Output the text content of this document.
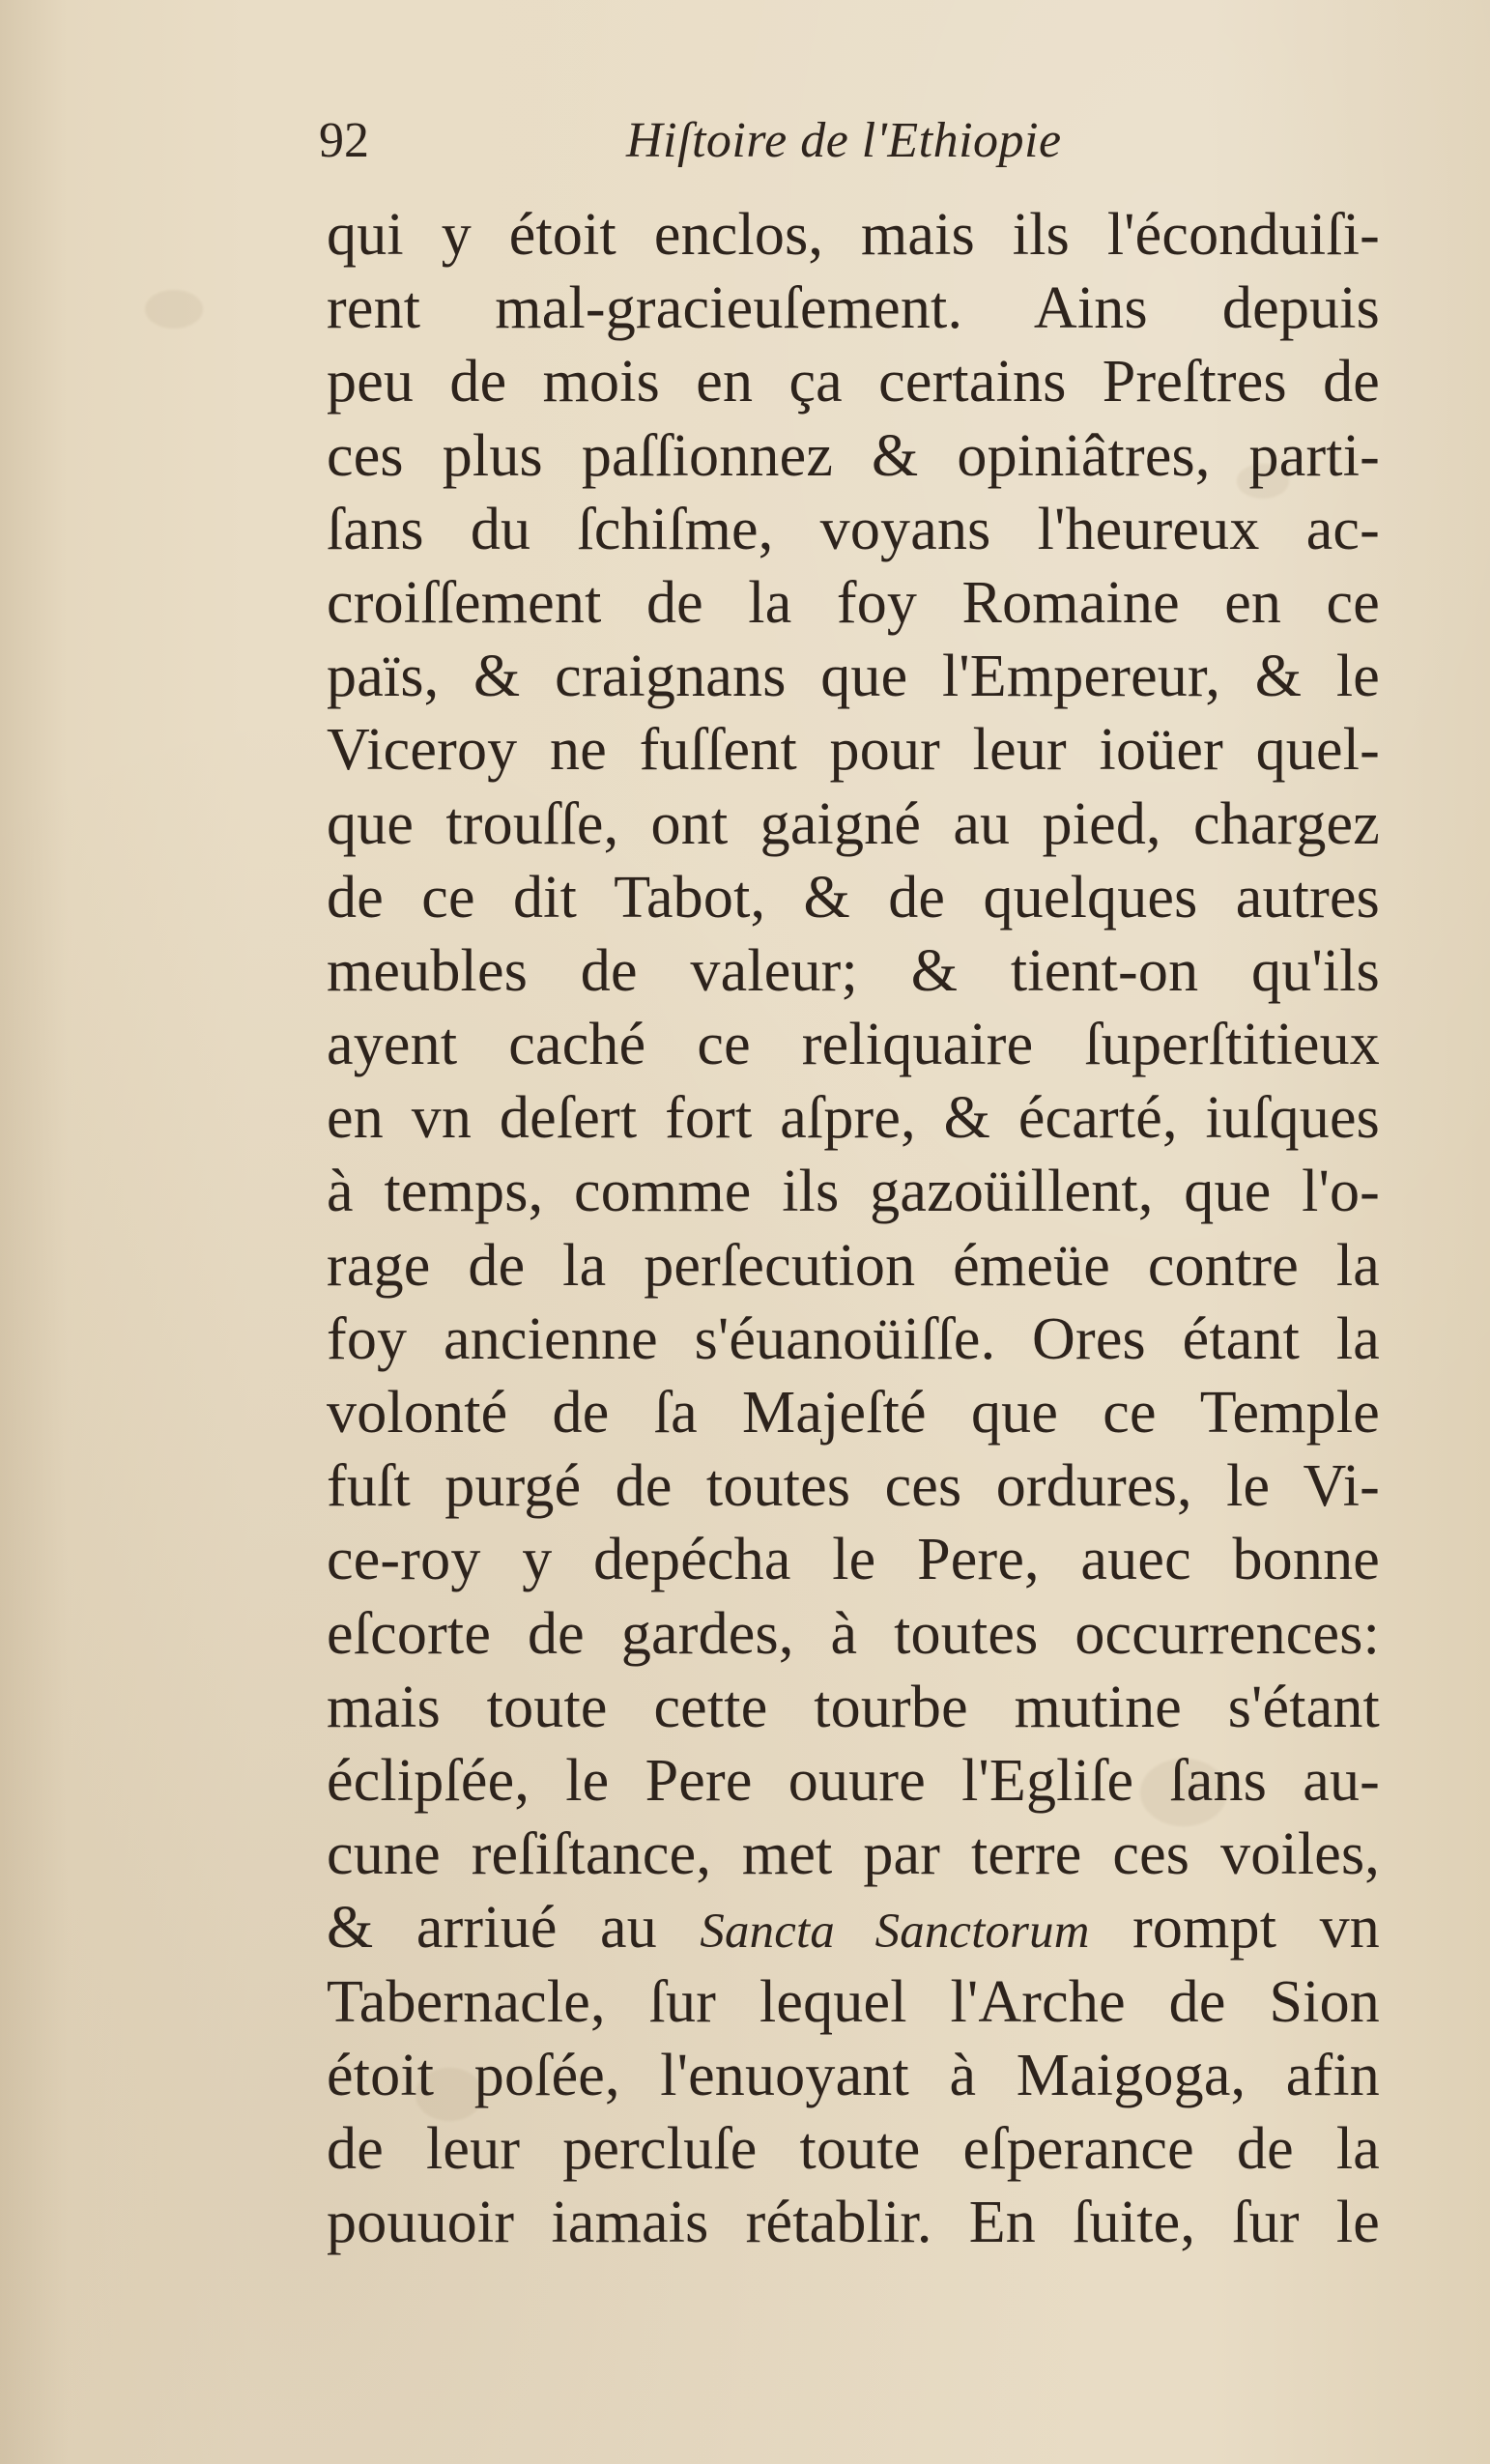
92	Hiſtoire de l'Ethiopie
qui y étoit enclos, mais ils l'éconduiſi-
rent mal-gracieuſement. Ains depuis
peu de mois en ça certains Preſtres de
ces plus paſſionnez & opiniâtres, parti-
ſans du ſchiſme, voyans l'heureux ac-
croiſſement de la foy Romaine en ce
païs, & craignans que l'Empereur, & le
Viceroy ne fuſſent pour leur ioüer quel-
que trouſſe, ont gaigné au pied, chargez
de ce dit Tabot, & de quelques autres
meubles de valeur; & tient-on qu'ils
ayent caché ce reliquaire ſuperſtitieux
en vn deſert fort aſpre, & écarté, iuſques
à temps, comme ils gazoüillent, que l'o-
rage de la perſecution émeüe contre la
foy ancienne s'éuanoüiſſe. Ores étant la
volonté de ſa Majeſté que ce Temple
fuſt purgé de toutes ces ordures, le Vi-
ce-roy y depécha le Pere, auec bonne
eſcorte de gardes, à toutes occurrences:
mais toute cette tourbe mutine s'étant
éclipſée, le Pere ouure l'Egliſe ſans au-
cune reſiſtance, met par terre ces voiles,
& arriué au Sancta Sanctorum rompt vn
Tabernacle, ſur lequel l'Arche de Sion
étoit poſée, l'enuoyant à Maigoga, afin
de leur percluſe toute eſperance de la
pouuoir iamais rétablir. En ſuite, ſur le
